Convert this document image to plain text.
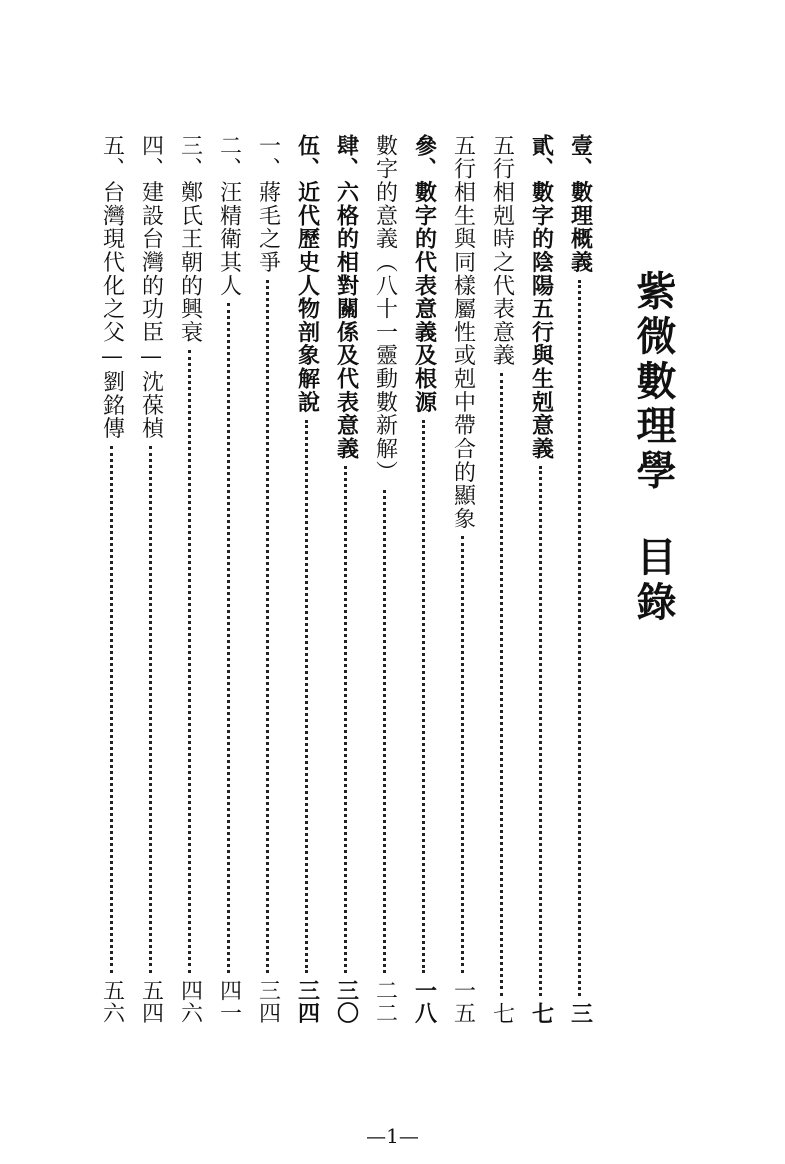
紫微數理學
目錄
壹、數理概義
三
貳、數字的陰陽五行與生剋意義
七
五行相剋時之代表意義
七
五行相生與同樣屬性或剋中帶合的顯象
一五
參、數字的代表意義及根源
一八
數字的意義（八十一靈動數新解）
二二
肆、六格的相對關係及代表意義
三〇
伍、近代歷史人物剖象解說
三四
一、蔣毛之爭
三四
二、汪精衛其人
四一
三、鄭氏王朝的興衰
四六
四、建設台灣的功臣—沈葆楨
五四
五、台灣現代化之父—劉銘傳
五六
—1—
